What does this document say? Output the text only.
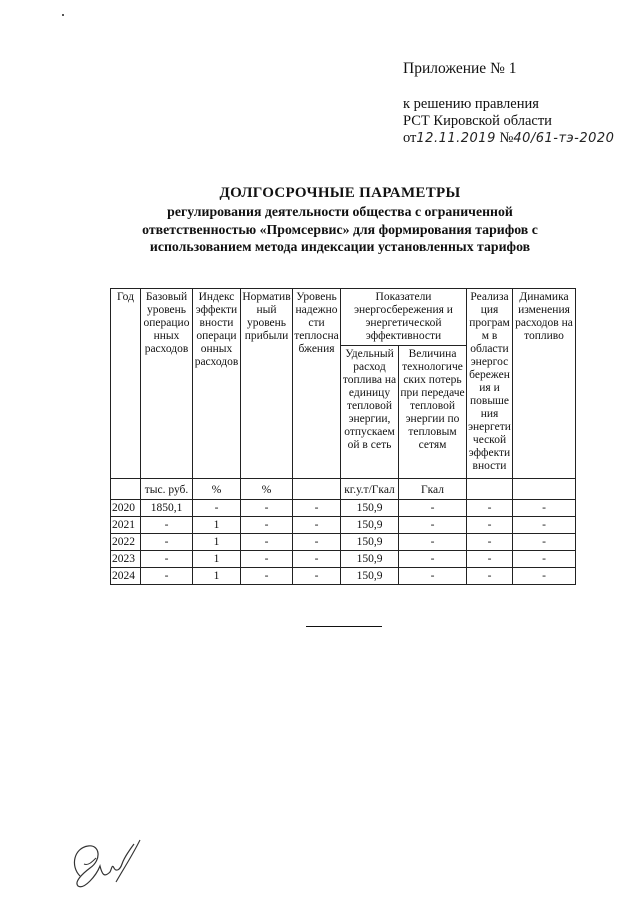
Приложение № 1
к решению правления
РСТ Кировской области
от12.11.2019 №40/61-тэ-2020
ДОЛГОСРОЧНЫЕ ПАРАМЕТРЫ
регулирования деятельности общества с ограниченной
ответственностью «Промсервис» для формирования тарифов с
использованием метода индексации установленных тарифов
Год	Базовый уровень операционных расходов	Индекс эффективности операционных расходов	Нормативный уровень прибыли	Уровень надежности теплоснабжения	Показатели энергосбережения и энергетической эффективности		Реализация программ в области энергосбережения и повышения энергетической эффективности	Динамика изменения расходов на топливо
					Удельный расход топлива на единицу тепловой энергии, отпускаемой в сеть	Величина технологических потерь при передаче тепловой энергии по тепловым сетям		
	тыс. руб.	%	%		кг.у.т/Гкал	Гкал		
2020	1850,1	-	-	-	150,9	-	-	-
2021	-	1	-	-	150,9	-	-	-
2022	-	1	-	-	150,9	-	-	-
2023	-	1	-	-	150,9	-	-	-
2024	-	1	-	-	150,9	-	-	-
